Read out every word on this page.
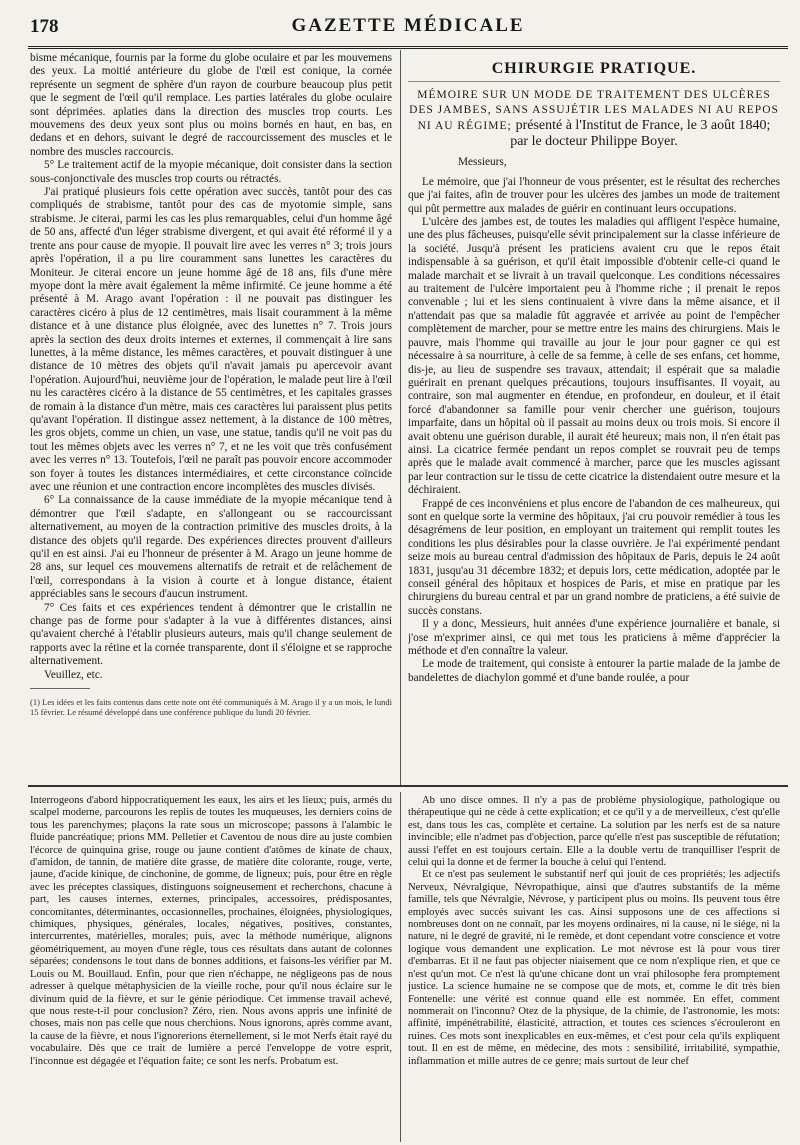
178	GAZETTE MÉDICALE

bisme mécanique, fournis par la forme du globe oculaire et par les mouvemens des yeux. La moitié antérieure du globe de l'œil est conique, la cornée représente un segment de sphère d'un rayon de courbure beaucoup plus petit que le segment de l'œil qu'il remplace. Les parties latérales du globe oculaire sont déprimées. aplaties dans la direction des muscles trop courts. Les mouvemens des deux yeux sont plus ou moins bornés en haut, en bas, en dedans et en dehors, suivant le degré de raccourcissement des muscles et le nombre des muscles raccourcis.

5° Le traitement actif de la myopie mécanique, doit consister dans la section sous-conjonctivale des muscles trop courts ou rétractés.

J'ai pratiqué plusieurs fois cette opération avec succès, tantôt pour des cas compliqués de strabisme, tantôt pour des cas de myotomie simple, sans strabisme. Je citerai, parmi les cas les plus remarquables, celui d'un homme âgé de 50 ans, affecté d'un léger strabisme divergent, et qui avait été réformé il y a trente ans pour cause de myopie. Il pouvait lire avec les verres n° 3; trois jours après l'opération, il a pu lire couramment sans lunettes les caractères du Moniteur. Je citerai encore un jeune homme âgé de 18 ans, fils d'une mère myope dont la mère avait également la même infirmité. Ce jeune homme a été présenté à M. Arago avant l'opération : il ne pouvait pas distinguer les caractères cicéro à plus de 12 centimètres, mais lisait couramment à la même distance et à une distance plus éloignée, avec des lunettes n° 7. Trois jours après la section des deux droits internes et externes, il commençait à lire sans lunettes, à la même distance, les mêmes caractères, et pouvait distinguer à une distance de 10 mètres des objets qu'il n'avait jamais pu apercevoir avant l'opération. Aujourd'hui, neuvième jour de l'opération, le malade peut lire à l'œil nu les caractères cicéro à la distance de 55 centimètres, et les capitales grasses de romain à la distance d'un mètre, mais ces caractères lui paraissent plus petits qu'avant l'opération. Il distingue assez nettement, à la distance de 100 mètres, les gros objets, comme un chien, un vase, une statue, tandis qu'il ne voit pas du tout les mêmes objets avec les verres n° 7, et ne les voit que très confusément avec les verres n° 13. Toutefois, l'œil ne paraît pas pouvoir encore accommoder son foyer à toutes les distances intermédiaires, et cette circonstance coïncide avec une réunion et une contraction encore incomplètes des muscles divisés.

6° La connaissance de la cause immédiate de la myopie mécanique tend à démontrer que l'œil s'adapte, en s'allongeant ou se raccourcissant alternativement, au moyen de la contraction primitive des muscles droits, à la distance des objets qu'il regarde. Des expériences directes prouvent d'ailleurs qu'il en est ainsi. J'ai eu l'honneur de présenter à M. Arago un jeune homme de 28 ans, sur lequel ces mouvemens alternatifs de retrait et de relâchement de l'œil, correspondans à la vision à courte et à longue distance, étaient appréciables sans le secours d'aucun instrument.

7° Ces faits et ces expériences tendent à démontrer que le cristallin ne change pas de forme pour s'adapter à la vue à différentes distances, ainsi qu'avaient cherché à l'établir plusieurs auteurs, mais qu'il change seulement de rapports avec la rétine et la cornée transparente, dont il s'éloigne et se rapproche alternativement.

Veuillez, etc.

(1) Les idées et les faits contenus dans cette note ont été communiqués à M. Arago il y a un mois, le lundi 15 février. Le résumé développé dans une conférence publique du lundi 20 février.
CHIRURGIE PRATIQUE.
MÉMOIRE SUR UN MODE DE TRAITEMENT DES ULCÈRES DES JAMBES, SANS ASSUJÉTIR LES MALADES NI AU REPOS NI AU RÉGIME; présenté à l'Institut de France, le 3 août 1840; par le docteur Philippe Boyer.
Messieurs,

Le mémoire, que j'ai l'honneur de vous présenter, est le résultat des recherches que j'ai faites, afin de trouver pour les ulcères des jambes un mode de traitement qui pût permettre aux malades de guérir en continuant leurs occupations.

L'ulcère des jambes est, de toutes les maladies qui affligent l'espèce humaine, une des plus fâcheuses, puisqu'elle sévit principalement sur la classe inférieure de la société. Jusqu'à présent les praticiens avaient cru que le repos était indispensable à sa guérison, et qu'il était impossible d'obtenir celle-ci quand le malade marchait et se livrait à un travail quelconque. Les conditions nécessaires au traitement de l'ulcère importaient peu à l'homme riche ; il prenait le repos convenable ; lui et les siens continuaient à vivre dans la même aisance, et il n'attendait pas que sa maladie fût aggravée et arrivée au point de l'empêcher complètement de marcher, pour se mettre entre les mains des chirurgiens. Mais le pauvre, mais l'homme qui travaille au jour le jour pour gagner ce qui est nécessaire à sa nourriture, à celle de sa femme, à celle de ses enfans, cet homme, dis-je, au lieu de suspendre ses travaux, attendait; il espérait que sa maladie guérirait en prenant quelques précautions, toujours insuffisantes. Il voyait, au contraire, son mal augmenter en étendue, en profondeur, en douleur, et il était forcé d'abandonner sa famille pour venir chercher une guérison, toujours imparfaite, dans un hôpital où il passait au moins deux ou trois mois. Si encore il avait obtenu une guérison durable, il aurait été heureux; mais non, il n'en était pas ainsi. La cicatrice fermée pendant un repos complet se rouvrait peu de temps après que le malade avait commencé à marcher, parce que les muscles agissant par leur contraction sur le tissu de cette cicatrice la distendaient outre mesure et la déchiraient.

Frappé de ces inconvéniens et plus encore de l'abandon de ces malheureux, qui sont en quelque sorte la vermine des hôpitaux, j'ai cru pouvoir remédier à tous les désagrémens de leur position, en employant un traitement qui remplit toutes les conditions les plus désirables pour la classe ouvrière. Je l'ai expérimenté pendant seize mois au bureau central d'admission des hôpitaux de Paris, depuis le 24 août 1831, jusqu'au 31 décembre 1832; et depuis lors, cette médication, adoptée par le conseil général des hôpitaux et hospices de Paris, et mise en pratique par les chirurgiens du bureau central et par un grand nombre de praticiens, a été suivie de succès constans.

Il y a donc, Messieurs, huit années d'une expérience journalière et banale, si j'ose m'exprimer ainsi, ce qui met tous les praticiens à même d'apprécier la méthode et d'en connaître la valeur.

Le mode de traitement, qui consiste à entourer la partie malade de la jambe de bandelettes de diachylon gommé et d'une bande roulée, a pour

Interrogeons d'abord hippocratiquement les eaux, les airs et les lieux; puis, armés du scalpel moderne, parcourons les replis de toutes les muqueuses, les derniers coins de tous les parenchymes; plaçons la rate sous un microscope; passons à l'alambic le fluide pancréatique; prions MM. Pelletier et Caventou de nous dire au juste combien l'écorce de quinquina grise, rouge ou jaune contient d'atômes de kinate de chaux, d'amidon, de tannin, de matière dite grasse, de matière dite colorante, rouge, verte, jaune, d'acide kinique, de cinchonine, de gomme, de ligneux; puis, pour être en règle avec les préceptes classiques, distinguons soigneusement et recherchons, chacune à part, les causes internes, externes, principales, accessoires, prédisposantes, concomitantes, déterminantes, occasionnelles, prochaines, éloignées, physiologiques, chimiques, physiques, générales, locales, négatives, positives, constantes, intercurrentes, matérielles, morales; puis, avec la méthode numérique, alignons géométriquement, au moyen d'une règle, tous ces résultats dans autant de colonnes séparées; condensons le tout dans de bonnes additions, et faisons-les vérifier par M. Louis ou M. Bouillaud. Enfin, pour que rien n'échappe, ne négligeons pas de nous adresser à quelque métaphysicien de la vieille roche, pour qu'il nous éclaire sur le divinum quid de la fièvre, et sur le génie périodique. Cet immense travail achevé, que nous reste-t-il pour conclusion? Zéro, rien. Nous avons appris une infinité de choses, mais non pas celle que nous cherchions. Nous ignorons, après comme avant, la cause de la fièvre, et nous l'ignorerions éternellement, si le mot Nerfs était rayé du vocabulaire. Dès que ce trait de lumière a percé l'enveloppe de votre esprit, l'inconnue est dégagée et l'équation faite; ce sont les nerfs. Probatum est.

Ab uno disce omnes. Il n'y a pas de problème physiologique, pathologique ou thérapeutique qui ne cède à cette explication; et ce qu'il y a de merveilleux, c'est qu'elle est, dans tous les cas, complète et certaine. La solution par les nerfs est de sa nature invincible; elle n'admet pas d'objection, parce qu'elle n'est pas susceptible de réfutation; aussi l'effet en est toujours certain. Elle a la double vertu de tranquilliser l'esprit de celui qui la donne et de fermer la bouche à celui qui l'entend.

Et ce n'est pas seulement le substantif nerf qui jouit de ces propriétés; les adjectifs Nerveux, Névralgique, Névropathique, ainsi que d'autres substantifs de la même famille, tels que Névralgie, Névrose, y participent plus ou moins. Ils peuvent tous être employés avec succès suivant les cas. Ainsi supposons une de ces affections si nombreuses dont on ne connaît, par les moyens ordinaires, ni la cause, ni le siége, ni la nature, ni le degré de gravité, ni le remède, et dont cependant votre conscience et votre logique vous demandent une explication. Le mot névrose est là pour vous tirer d'embarras. Et il ne faut pas objecter niaisement que ce nom n'explique rien, et que ce n'est qu'un mot. Ce n'est là qu'une chicane dont un vrai philosophe fera promptement justice. La science humaine ne se compose que de mots, et, comme le dit très bien Fontenelle: une vérité est connue quand elle est nommée. En effet, comment nommerait on l'inconnu? Otez de la physique, de la chimie, de l'astronomie, les mots: affinité, impénétrabilité, élasticité, attraction, et toutes ces sciences s'écrouleront en ruines. Ces mots sont inexplicables en eux-mêmes, et c'est pour cela qu'ils expliquent tout. Il en est de même, en médecine, des mots : sensibilité, irritabilité, sympathie, inflammation et mille autres de ce genre; mais surtout de leur chef
